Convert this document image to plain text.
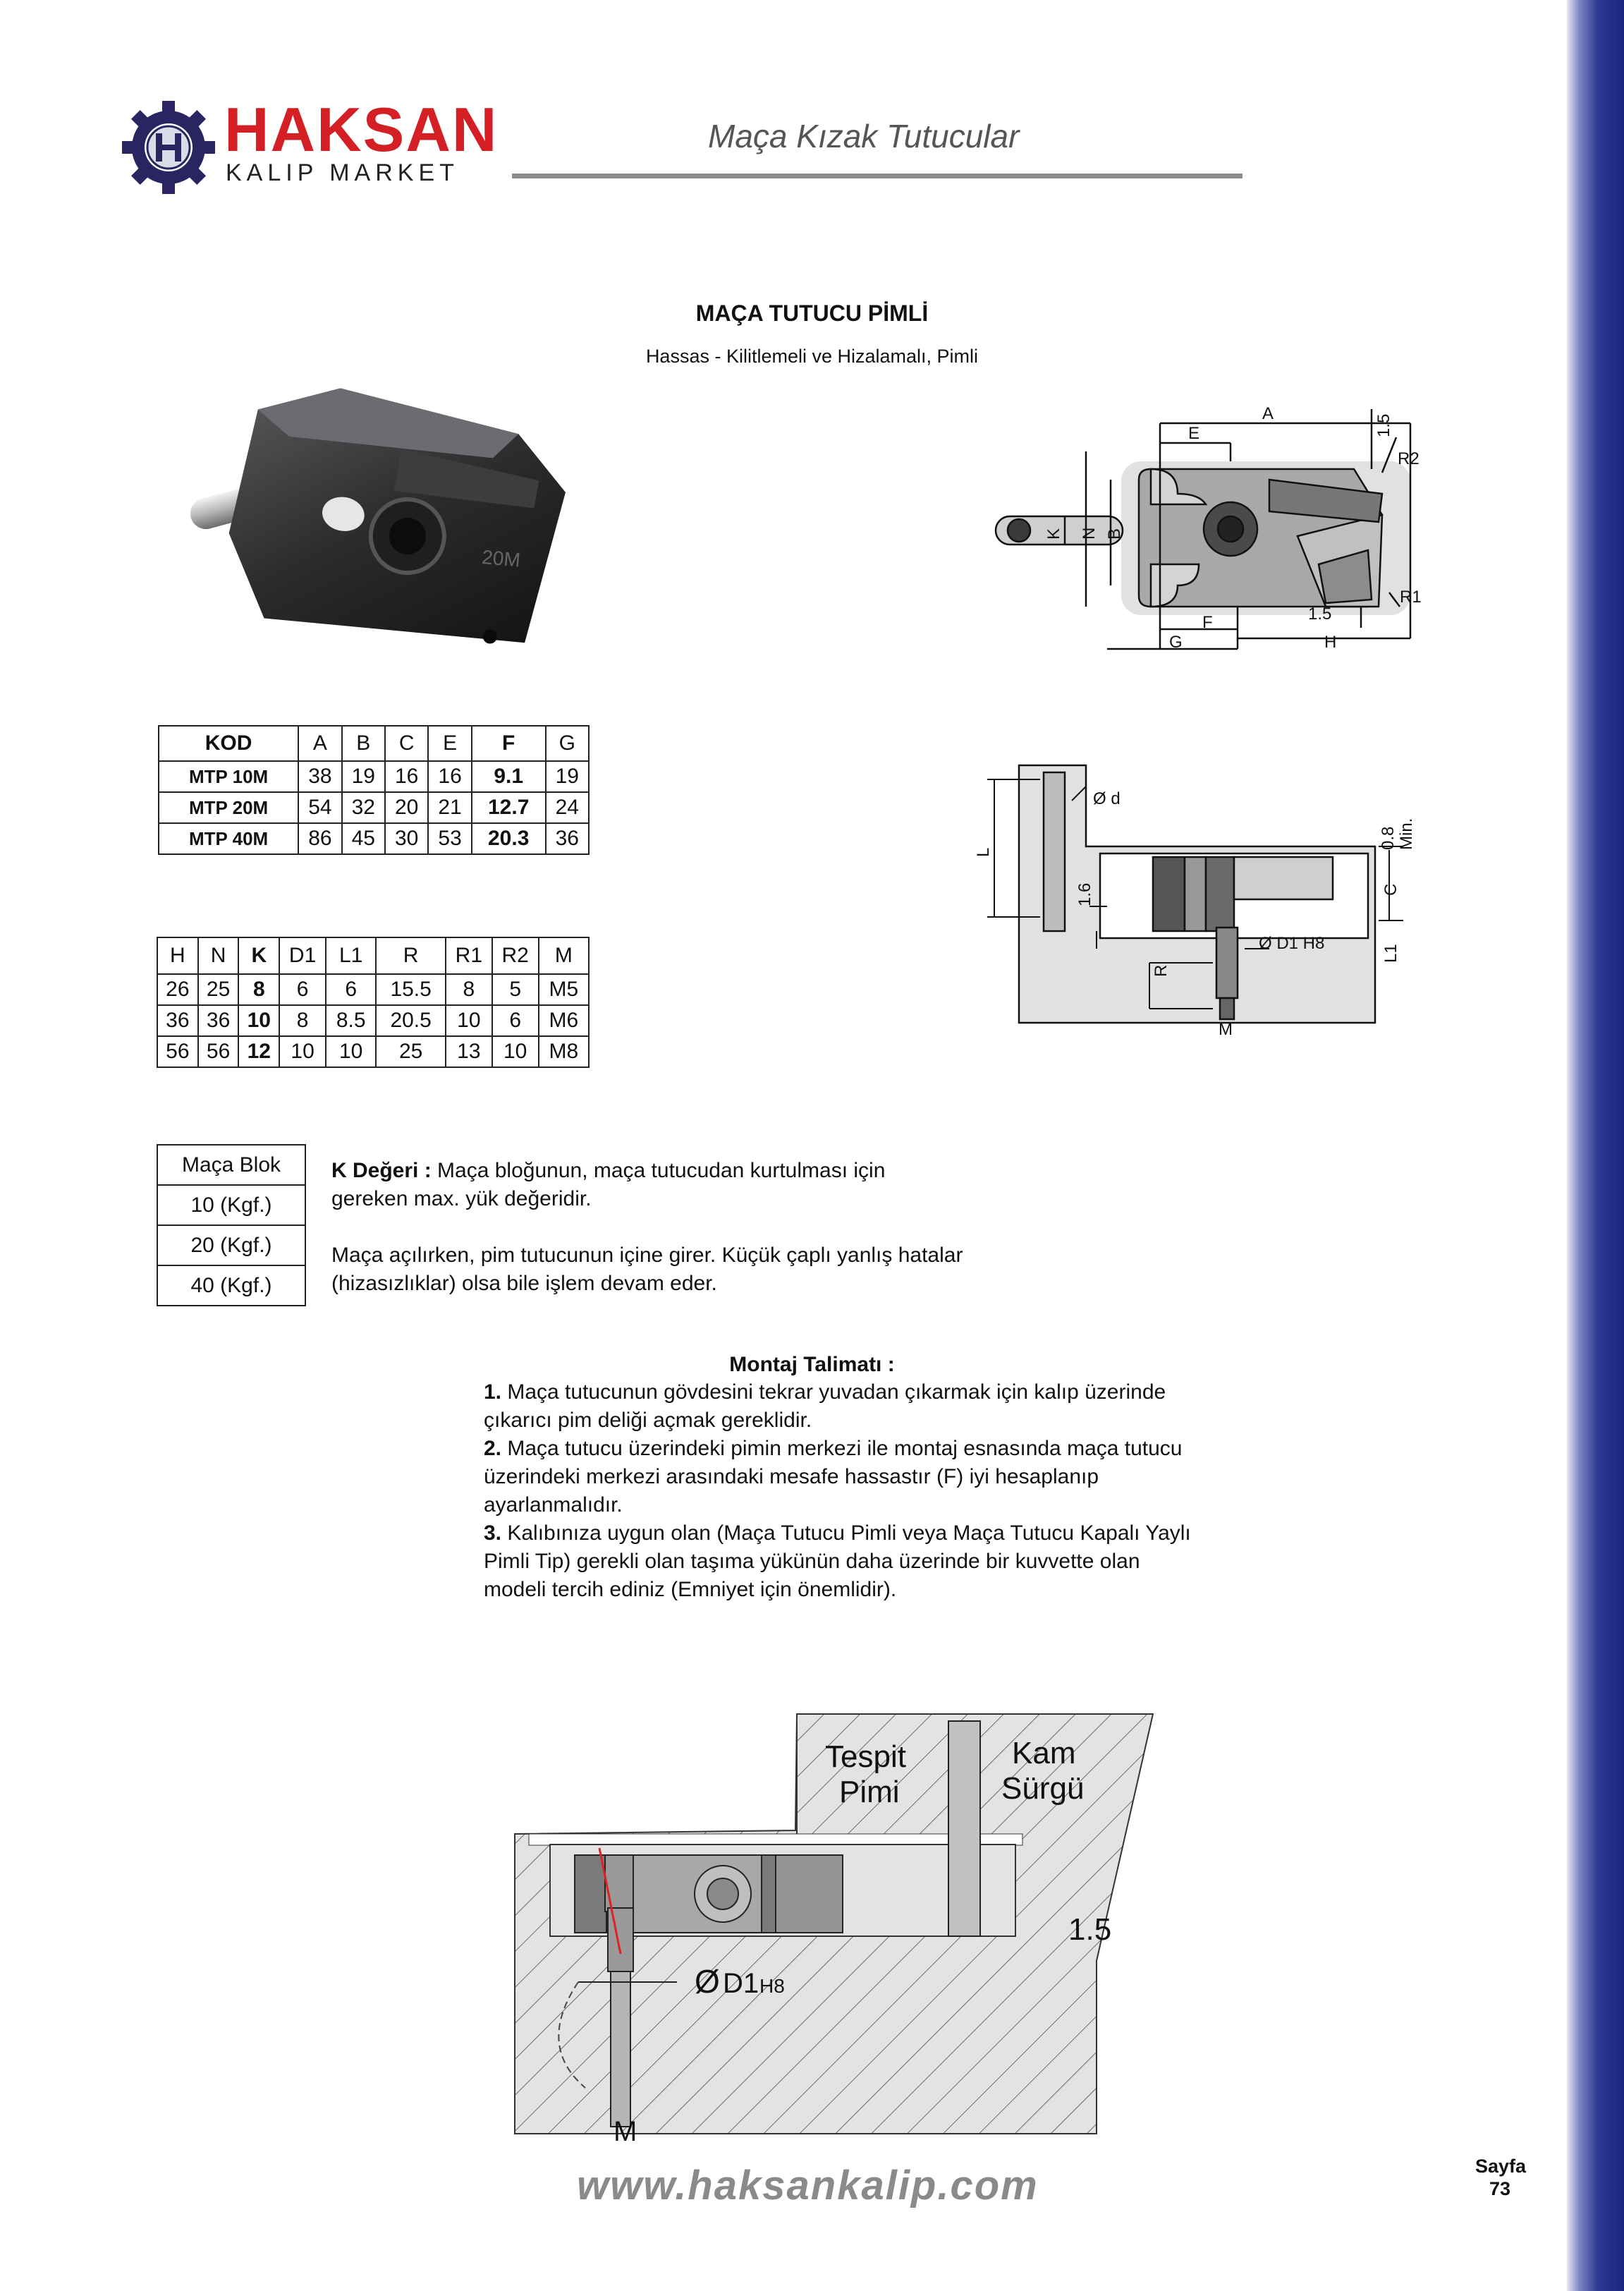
HAKSAN
KALIP MARKET
Maça Kızak Tutucular
MAÇA TUTUCU PİMLİ
Hassas - Kilitlemeli ve Hizalamalı, Pimli
20M
A
E	1.5
R2
K N B
1.5
R1
F
G	H
Ø d
0.8 Min.
L
1.6	C
Ø D1 H8
L1
R
M
KOD	A	B	C	E	F	G
MTP 10M	38	19	16	16	9.1	19
MTP 20M	54	32	20	21	12.7	24
MTP 40M	86	45	30	53	20.3	36
H	N	K	D1	L1	R	R1	R2	M
26	25	8	6	6	15.5	8	5	M5
36	36	10	8	8.5	20.5	10	6	M6
56	56	12	10	10	25	13	10	M8
Maça Blok
10 (Kgf.)
20 (Kgf.)
40 (Kgf.)
K Değeri : Maça bloğunun, maça tutucudan kurtulması için gereken max. yük değeridir.
Maça açılırken, pim tutucunun içine girer. Küçük çaplı yanlış hatalar (hizasızlıklar) olsa bile işlem devam eder.
Montaj Talimatı :
1. Maça tutucunun gövdesini tekrar yuvadan çıkarmak için kalıp üzerinde çıkarıcı pim deliği açmak gereklidir.
2. Maça tutucu üzerindeki pimin merkezi ile montaj esnasında maça tutucu üzerindeki merkezi arasındaki mesafe hassastır (F) iyi hesaplanıp ayarlanmalıdır.
3. Kalıbınıza uygun olan (Maça Tutucu Pimli veya Maça Tutucu Kapalı Yaylı Pimli Tip) gerekli olan taşıma yükünün daha üzerinde bir kuvvette olan modeli tercih ediniz (Emniyet için önemlidir).
Tespit
Pimi
Kam
Sürgü
1.5
Ø D1 H8
M
www.haksankalip.com	Sayfa
73
